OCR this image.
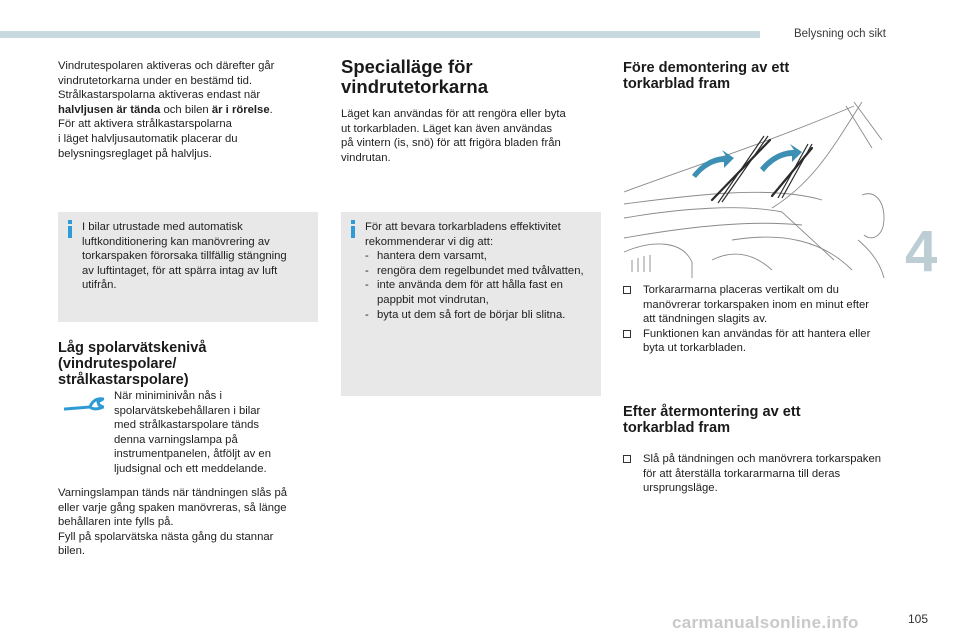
Belysning och sikt
4
105
carmanualsonline.info

Vindrutespolaren aktiveras och därefter går

vindrutetorkarna under en bestämd tid.

Strålkastarspolarna aktiveras endast när

halvljusen är tända och bilen är i rörelse.

För att aktivera strålkastarspolarna

i läget halvljusautomatik placerar du

belysningsreglaget på halvljus.

I bilar utrustade med automatisk

luftkonditionering kan manövrering av

torkarspaken förorsaka tillfällig stängning

av luftintaget, för att spärra intag av luft

utifrån.

Låg spolarvätskenivå
(vindrutespolare/
strålkastarspolare)

När miniminivån nås i

spolarvätskebehållaren i bilar

med strålkastarspolare tänds

denna varningslampa på

instrumentpanelen, åtföljt av en

ljudsignal och ett meddelande.

Varningslampan tänds när tändningen slås på

eller varje gång spaken manövreras, så länge

behållaren inte fylls på.

Fyll på spolarvätska nästa gång du stannar

bilen.

Specialläge för
vindrutetorkarna

Läget kan användas för att rengöra eller byta

ut torkarbladen. Läget kan även användas

på vintern (is, snö) för att frigöra bladen från

vindrutan.

För att bevara torkarbladens effektivitet

rekommenderar vi dig att:

- hantera dem varsamt,
- rengöra dem regelbundet med tvålvatten,
- inte använda dem för att hålla fast en pappbit mot vindrutan,
- byta ut dem så fort de börjar bli slitna.
Före demontering av ett
torkarblad fram
Torkararmarna placeras vertikalt om du manövrerar torkarspaken inom en minut efter att tändningen slagits av.
Funktionen kan användas för att hantera eller byta ut torkarbladen.
Efter återmontering av ett
torkarblad fram
Slå på tändningen och manövrera torkarspaken för att återställa torkararmarna till deras ursprungsläge.
